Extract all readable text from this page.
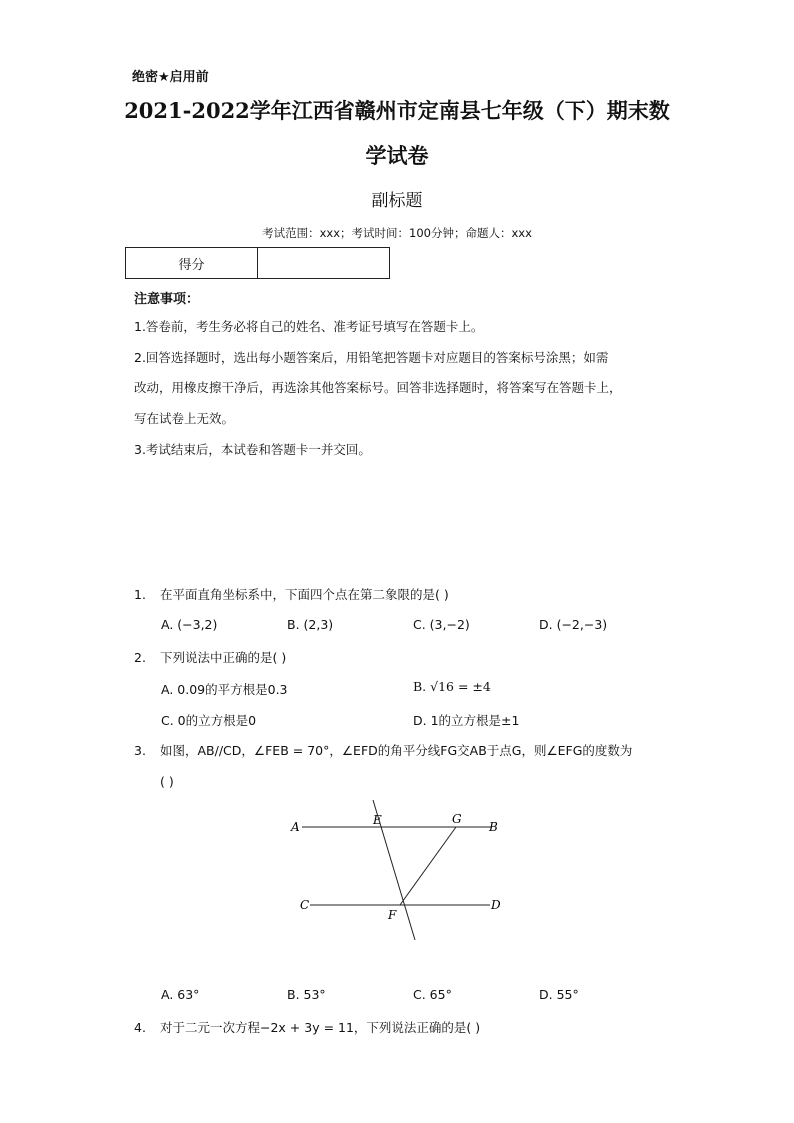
绝密★启用前
2021-2022学年江西省赣州市定南县七年级（下）期末数
学试卷
副标题
考试范围：xxx；考试时间：100分钟；命题人：xxx
得分	
注意事项：
1.答卷前，考生务必将自己的姓名、准考证号填写在答题卡上。
2.回答选择题时，选出每小题答案后，用铅笔把答题卡对应题目的答案标号涂黑；如需
改动，用橡皮擦干净后，再选涂其他答案标号。回答非选择题时，将答案写在答题卡上，
写在试卷上无效。
3.考试结束后，本试卷和答题卡一并交回。
1. 在平面直角坐标系中，下面四个点在第二象限的是( )
A. (−3,2)	B. (2,3)	C. (3,−2)	D. (−2,−3)
2. 下列说法中正确的是( )
A. 0.09的平方根是0.3	B. √16 = ±4
C. 0的立方根是0	D. 1的立方根是±1
3. 如图，AB//CD，∠FEB = 70°，∠EFD的角平分线FG交AB于点G，则∠EFG的度数为
( )
A	B
C	D
E
F
G
A. 63°	B. 53°	C. 65°	D. 55°
4. 对于二元一次方程−2x + 3y = 11，下列说法正确的是( )
